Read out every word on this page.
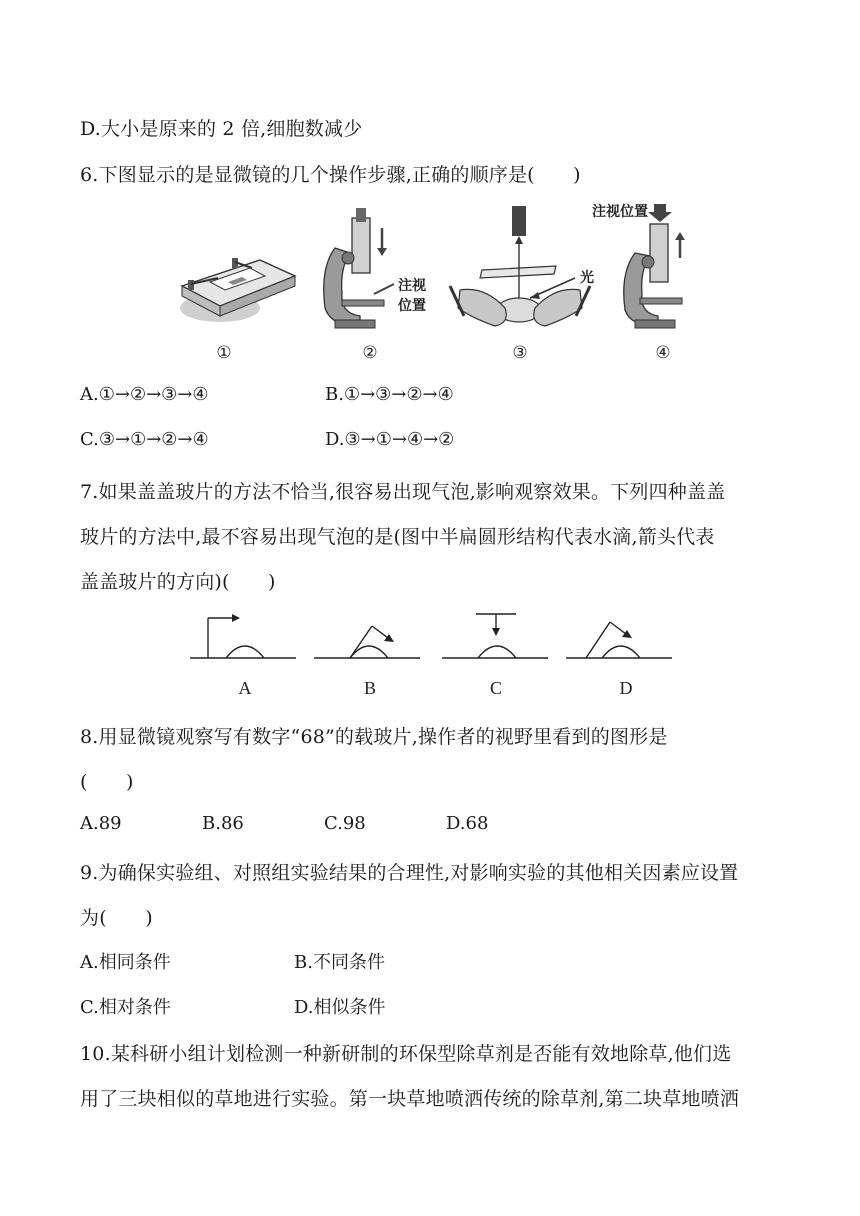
D.大小是原来的 2 倍,细胞数减少
6.下图显示的是显微镜的几个操作步骤,正确的顺序是(　　)
①
注视
位置
②
光
③
注视位置
④
A.①→②→③→④	B.①→③→②→④
C.③→①→②→④	D.③→①→④→②
7.如果盖盖玻片的方法不恰当,很容易出现气泡,影响观察效果。下列四种盖盖
玻片的方法中,最不容易出现气泡的是(图中半扁圆形结构代表水滴,箭头代表
盖盖玻片的方向)(　　)
A	B	C	D
8.用显微镜观察写有数字“68”的载玻片,操作者的视野里看到的图形是
(　　)
A.89	B.86	C.98	D.68
9.为确保实验组、对照组实验结果的合理性,对影响实验的其他相关因素应设置
为(　　)
A.相同条件	B.不同条件
C.相对条件	D.相似条件
10.某科研小组计划检测一种新研制的环保型除草剂是否能有效地除草,他们选
用了三块相似的草地进行实验。第一块草地喷洒传统的除草剂,第二块草地喷洒
